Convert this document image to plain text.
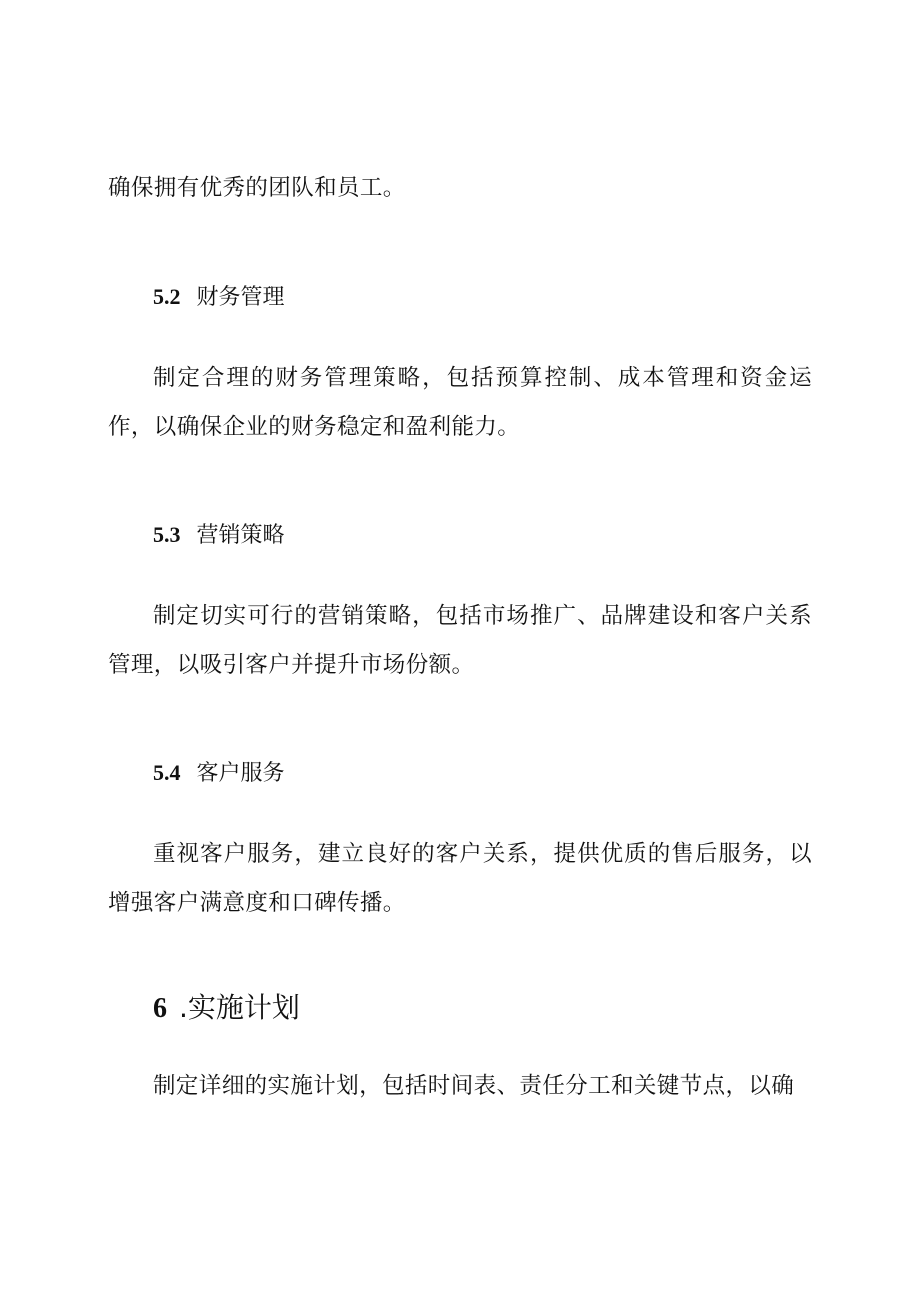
确保拥有优秀的团队和员工。

5.2 财务管理

制定合理的财务管理策略，包括预算控制、成本管理和资金运作，以确保企业的财务稳定和盈利能力。

5.3 营销策略

制定切实可行的营销策略，包括市场推广、品牌建设和客户关系管理，以吸引客户并提升市场份额。

5.4 客户服务

重视客户服务，建立良好的客户关系，提供优质的售后服务，以增强客户满意度和口碑传播。

6 .实施计划

制定详细的实施计划，包括时间表、责任分工和关键节点，以确
